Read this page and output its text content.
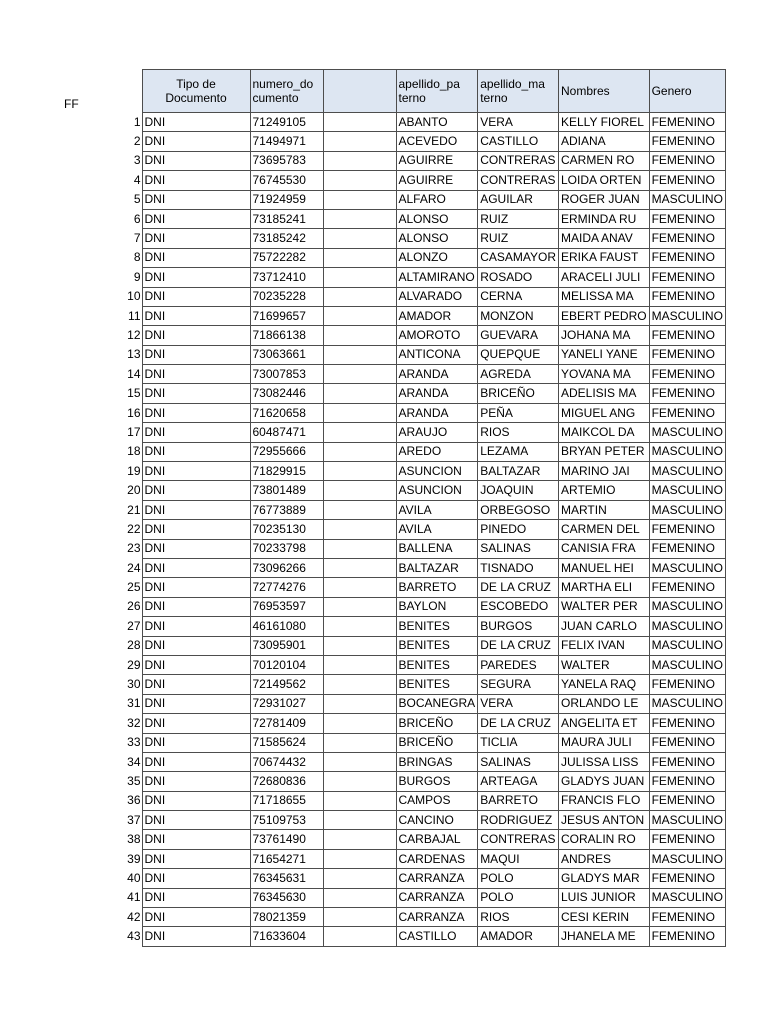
FF
	Tipo de Documento	numero_do cumento		apellido_pa terno	apellido_ma terno	Nombres	Genero
1	DNI	71249105		ABANTO	VERA	KELLY FIOREL	FEMENINO
2	DNI	71494971		ACEVEDO	CASTILLO	ADIANA	FEMENINO
3	DNI	73695783		AGUIRRE	CONTRERAS	CARMEN RO	FEMENINO
4	DNI	76745530		AGUIRRE	CONTRERAS	LOIDA ORTEN	FEMENINO
5	DNI	71924959		ALFARO	AGUILAR	ROGER JUAN	MASCULINO
6	DNI	73185241		ALONSO	RUIZ	ERMINDA RU	FEMENINO
7	DNI	73185242		ALONSO	RUIZ	MAIDA ANAV	FEMENINO
8	DNI	75722282		ALONZO	CASAMAYOR	ERIKA FAUST	FEMENINO
9	DNI	73712410		ALTAMIRANO	ROSADO	ARACELI JULI	FEMENINO
10	DNI	70235228		ALVARADO	CERNA	MELISSA MA	FEMENINO
11	DNI	71699657		AMADOR	MONZON	EBERT PEDRO	MASCULINO
12	DNI	71866138		AMOROTO	GUEVARA	JOHANA MA	FEMENINO
13	DNI	73063661		ANTICONA	QUEPQUE	YANELI YANE	FEMENINO
14	DNI	73007853		ARANDA	AGREDA	YOVANA MA	FEMENINO
15	DNI	73082446		ARANDA	BRICEÑO	ADELISIS MA	FEMENINO
16	DNI	71620658		ARANDA	PEÑA	MIGUEL ANG	FEMENINO
17	DNI	60487471		ARAUJO	RIOS	MAIKCOL DA	MASCULINO
18	DNI	72955666		AREDO	LEZAMA	BRYAN PETER	MASCULINO
19	DNI	71829915		ASUNCION	BALTAZAR	MARINO JAI	MASCULINO
20	DNI	73801489		ASUNCION	JOAQUIN	ARTEMIO	MASCULINO
21	DNI	76773889		AVILA	ORBEGOSO	MARTIN	MASCULINO
22	DNI	70235130		AVILA	PINEDO	CARMEN DEL	FEMENINO
23	DNI	70233798		BALLENA	SALINAS	CANISIA FRA	FEMENINO
24	DNI	73096266		BALTAZAR	TISNADO	MANUEL HEI	MASCULINO
25	DNI	72774276		BARRETO	DE LA CRUZ	MARTHA ELI	FEMENINO
26	DNI	76953597		BAYLON	ESCOBEDO	WALTER PER	MASCULINO
27	DNI	46161080		BENITES	BURGOS	JUAN CARLO	MASCULINO
28	DNI	73095901		BENITES	DE LA CRUZ	FELIX IVAN	MASCULINO
29	DNI	70120104		BENITES	PAREDES	WALTER	MASCULINO
30	DNI	72149562		BENITES	SEGURA	YANELA RAQ	FEMENINO
31	DNI	72931027		BOCANEGRA	VERA	ORLANDO LE	MASCULINO
32	DNI	72781409		BRICEÑO	DE LA CRUZ	ANGELITA ET	FEMENINO
33	DNI	71585624		BRICEÑO	TICLIA	MAURA JULI	FEMENINO
34	DNI	70674432		BRINGAS	SALINAS	JULISSA LISS	FEMENINO
35	DNI	72680836		BURGOS	ARTEAGA	GLADYS JUAN	FEMENINO
36	DNI	71718655		CAMPOS	BARRETO	FRANCIS FLO	FEMENINO
37	DNI	75109753		CANCINO	RODRIGUEZ	JESUS ANTON	MASCULINO
38	DNI	73761490		CARBAJAL	CONTRERAS	CORALIN RO	FEMENINO
39	DNI	71654271		CARDENAS	MAQUI	ANDRES	MASCULINO
40	DNI	76345631		CARRANZA	POLO	GLADYS MAR	FEMENINO
41	DNI	76345630		CARRANZA	POLO	LUIS JUNIOR	MASCULINO
42	DNI	78021359		CARRANZA	RIOS	CESI KERIN	FEMENINO
43	DNI	71633604		CASTILLO	AMADOR	JHANELA ME	FEMENINO
